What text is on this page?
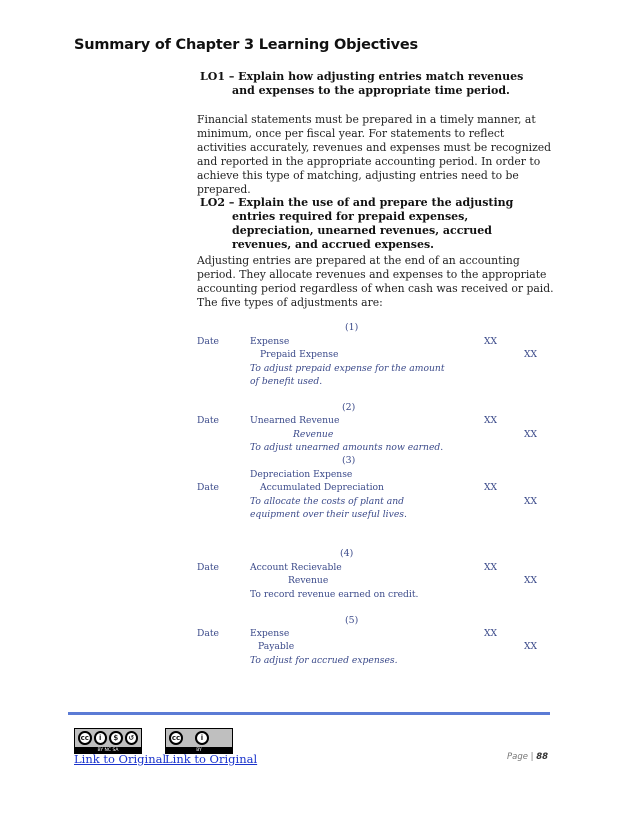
Summary of Chapter 3 Learning Objectives
LO1 – Explain how adjusting entries match revenues and expenses to the appropriate time period.
Financial statements must be prepared in a timely manner, at minimum, once per fiscal year. For statements to reflect activities accurately, revenues and expenses must be recognized and reported in the appropriate accounting period. In order to achieve this type of matching, adjusting entries need to be prepared.
LO2 – Explain the use of and prepare the adjusting entries required for prepaid expenses, depreciation, unearned revenues, accrued revenues, and accrued expenses.
Adjusting entries are prepared at the end of an accounting period. They allocate revenues and expenses to the appropriate accounting period regardless of when cash was received or paid. The five types of adjustments are:
(1)
Date	Expense	XX
Prepaid Expense	XX
To adjust prepaid expense for the amount
of benefit used.
(2)
Date	Unearned Revenue	XX
Revenue	XX
To adjust unearned amounts now earned.
(3)
Depreciation Expense
Date	Accumulated Depreciation	XX
To allocate the costs of plant and	XX
equipment over their useful lives.
(4)
Date	Account Recievable	XX
Revenue	XX
To record revenue earned on credit.
(5)
Date	Expense	XX
Payable	XX
To adjust for accrued expenses.
cc	i	$	↺
BY NC SA
cc	i
BY
Link to Original
Link to Original	Page | 88
